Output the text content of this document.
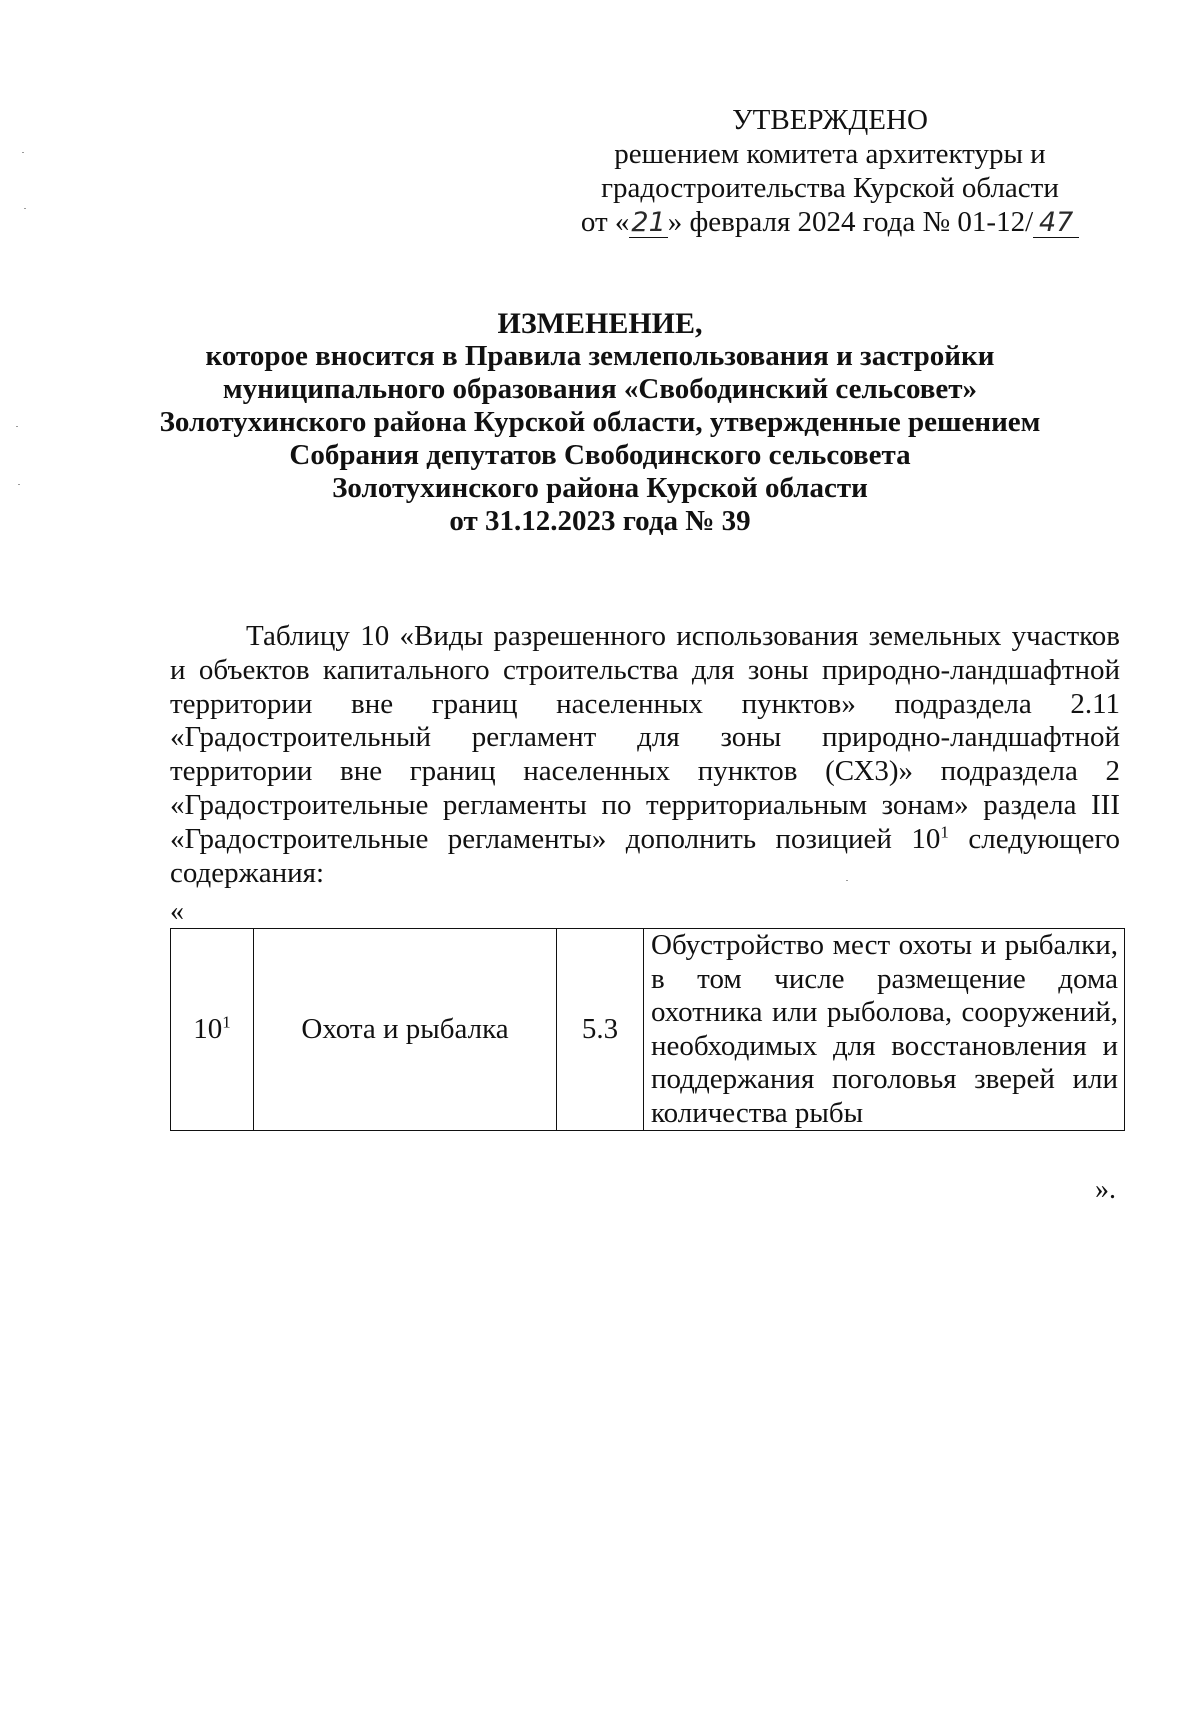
УТВЕРЖДЕНО
решением комитета архитектуры и
градостроительства Курской области
от «21» февраля 2024 года № 01-12/ 47
ИЗМЕНЕНИЕ,
которое вносится в Правила землепользования и застройки
муниципального образования «Свободинский сельсовет»
Золотухинского района Курской области, утвержденные решением
Собрания депутатов Свободинского сельсовета
Золотухинского района Курской области
от 31.12.2023 года № 39
Таблицу 10 «Виды разрешенного использования земельных участков и объектов капитального строительства для зоны природно-ландшафтной территории вне границ населенных пунктов» подраздела 2.11 «Градостроительный регламент для зоны природно-ландшафтной территории вне границ населенных пунктов (СХ3)» подраздела 2 «Градостроительные регламенты по территориальным зонам» раздела III «Градостроительные регламенты» дополнить позицией $10^1$ следующего содержания:
«
$10^1$	Охота и рыбалка	5.3	Обустройство мест охоты и рыбалки, в том числе размещение дома охотника или рыболова, сооружений, необходимых для восстановления и поддержания поголовья зверей или количества рыбы
».
